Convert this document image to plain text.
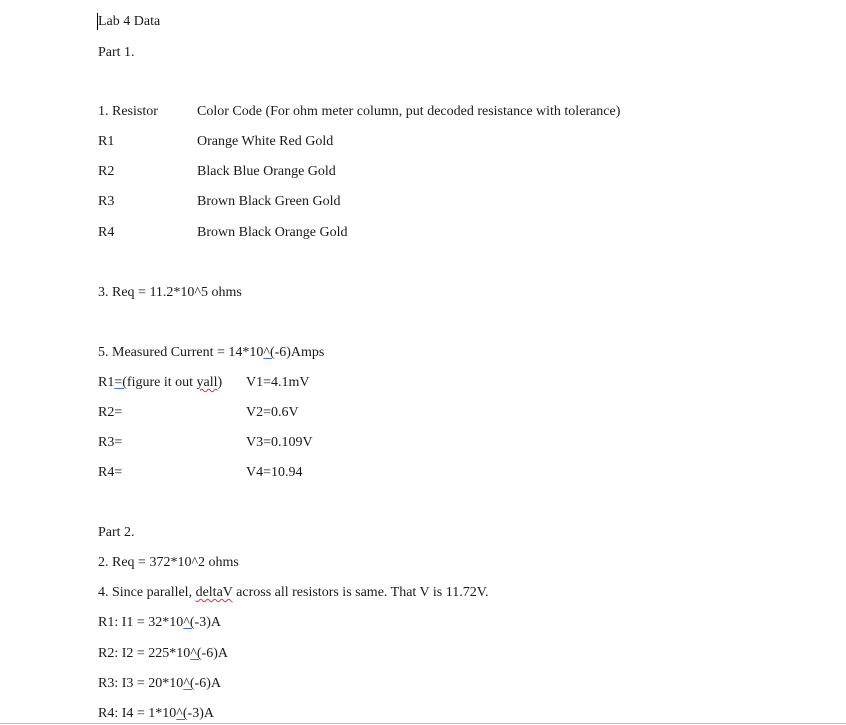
Lab 4 Data
Part 1.
1. Resistor	Color Code (For ohm meter column, put decoded resistance with tolerance)
R1	Orange White Red Gold
R2	Black Blue Orange Gold
R3	Brown Black Green Gold
R4	Brown Black Orange Gold
3. Req = 11.2*10^5 ohms
5. Measured Current = 14*10^(-6)Amps
R1=(figure it out yall) V1=4.1mV
R2=	V2=0.6V
R3=	V3=0.109V
R4=	V4=10.94
Part 2.
2. Req = 372*10^2 ohms
4. Since parallel, deltaV across all resistors is same. That V is 11.72V.
R1: I1 = 32*10^(-3)A
R2: I2 = 225*10^(-6)A
R3: I3 = 20*10^(-6)A
R4: I4 = 1*10^(-3)A
